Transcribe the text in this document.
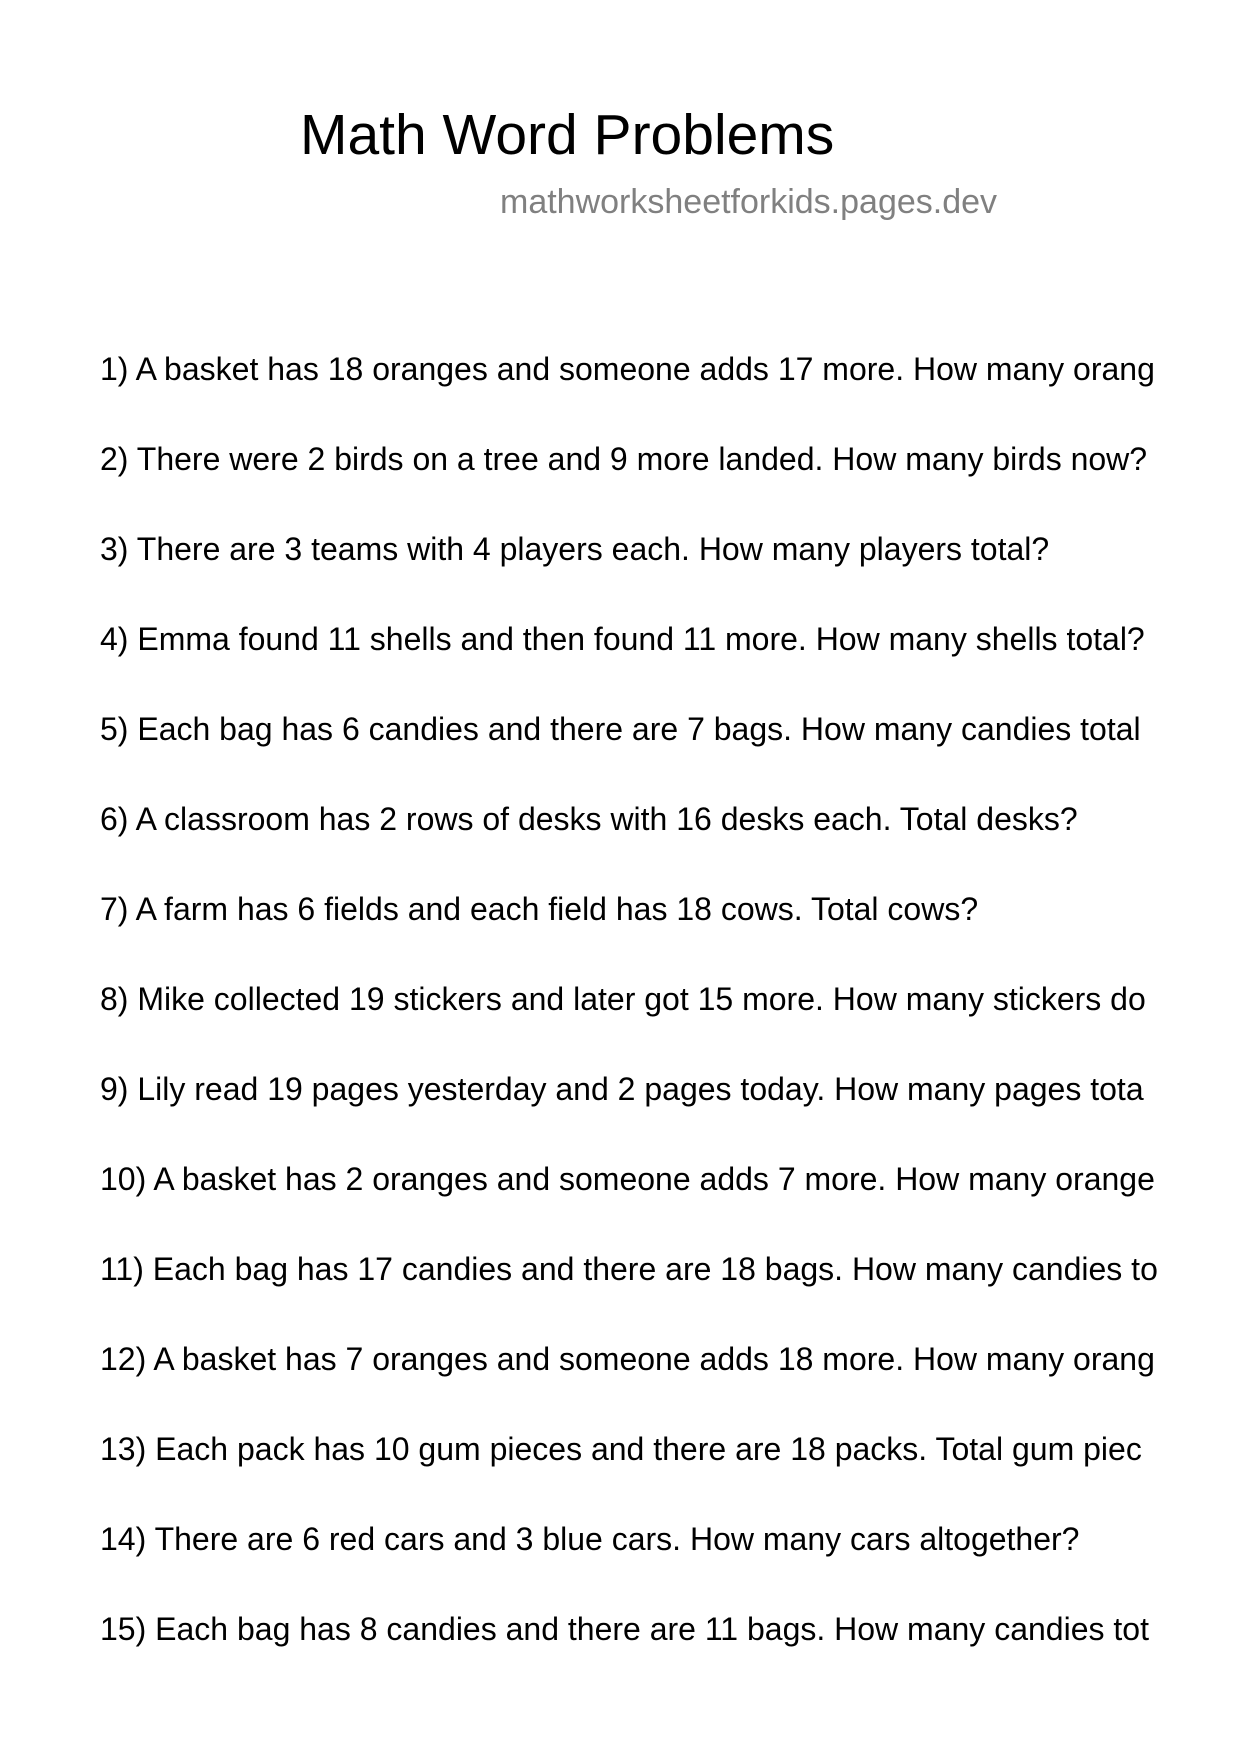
Math Word Problems
mathworksheetforkids.pages.dev
1) A basket has 18 oranges and someone adds 17 more. How many orang
2) There were 2 birds on a tree and 9 more landed. How many birds now?
3) There are 3 teams with 4 players each. How many players total?
4) Emma found 11 shells and then found 11 more. How many shells total?
5) Each bag has 6 candies and there are 7 bags. How many candies total
6) A classroom has 2 rows of desks with 16 desks each. Total desks?
7) A farm has 6 fields and each field has 18 cows. Total cows?
8) Mike collected 19 stickers and later got 15 more. How many stickers do
9) Lily read 19 pages yesterday and 2 pages today. How many pages tota
10) A basket has 2 oranges and someone adds 7 more. How many orange
11) Each bag has 17 candies and there are 18 bags. How many candies to
12) A basket has 7 oranges and someone adds 18 more. How many orang
13) Each pack has 10 gum pieces and there are 18 packs. Total gum piec
14) There are 6 red cars and 3 blue cars. How many cars altogether?
15) Each bag has 8 candies and there are 11 bags. How many candies tot
